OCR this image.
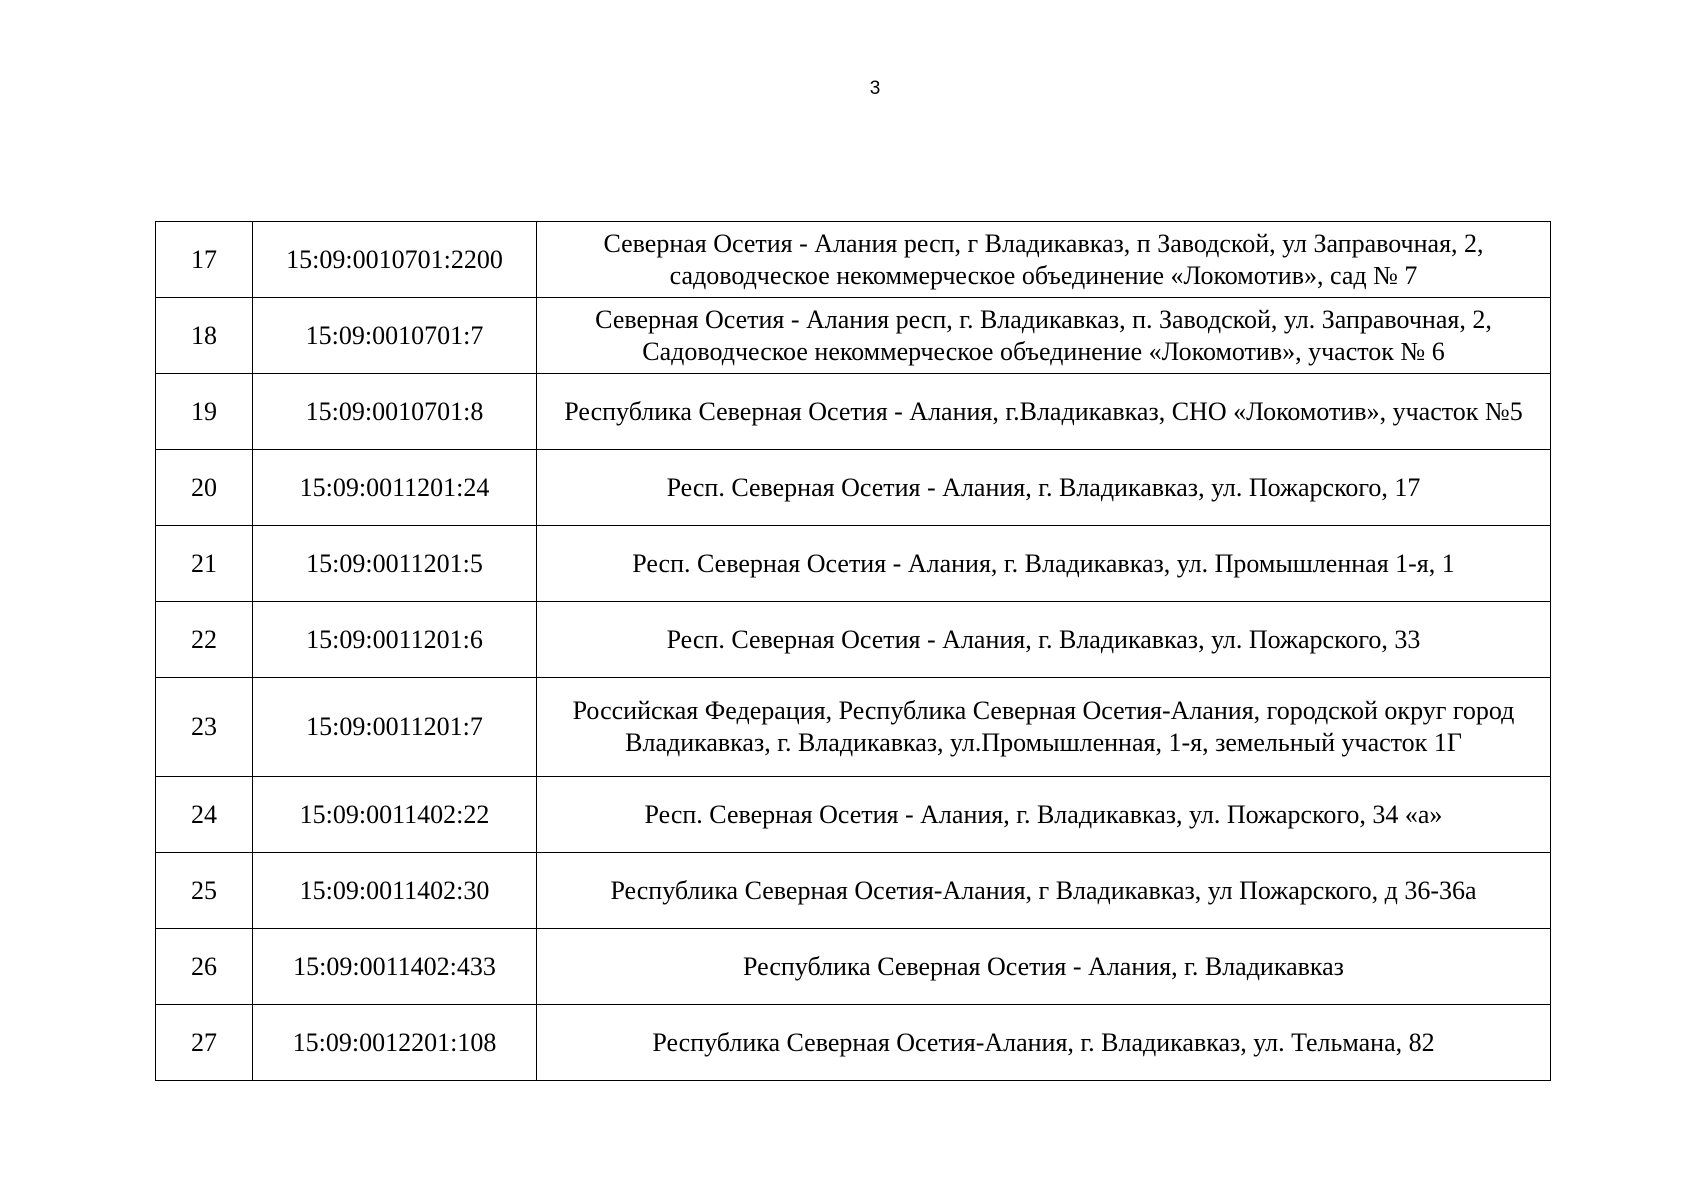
3
17	15:09:0010701:2200	Северная Осетия - Алания респ, г Владикавказ, п Заводской, ул Заправочная, 2, садоводческое некоммерческое объединение «Локомотив», сад № 7
18	15:09:0010701:7	Северная Осетия - Алания респ, г. Владикавказ, п. Заводской, ул. Заправочная, 2, Садоводческое некоммерческое объединение «Локомотив», участок № 6
19	15:09:0010701:8	Республика Северная Осетия - Алания, г.Владикавказ, СНО «Локомотив», участок №5
20	15:09:0011201:24	Респ. Северная Осетия - Алания, г. Владикавказ, ул. Пожарского, 17
21	15:09:0011201:5	Респ. Северная Осетия - Алания, г. Владикавказ, ул. Промышленная 1-я, 1
22	15:09:0011201:6	Респ. Северная Осетия - Алания, г. Владикавказ, ул. Пожарского, 33
23	15:09:0011201:7	Российская Федерация, Республика Северная Осетия-Алания, городской округ город Владикавказ, г. Владикавказ, ул.Промышленная, 1-я, земельный участок 1Г
24	15:09:0011402:22	Респ. Северная Осетия - Алания, г. Владикавказ, ул. Пожарского, 34 «а»
25	15:09:0011402:30	Республика Северная Осетия-Алания, г Владикавказ, ул Пожарского, д 36-36а
26	15:09:0011402:433	Республика Северная Осетия - Алания, г. Владикавказ
27	15:09:0012201:108	Республика Северная Осетия-Алания, г. Владикавказ, ул. Тельмана, 82
